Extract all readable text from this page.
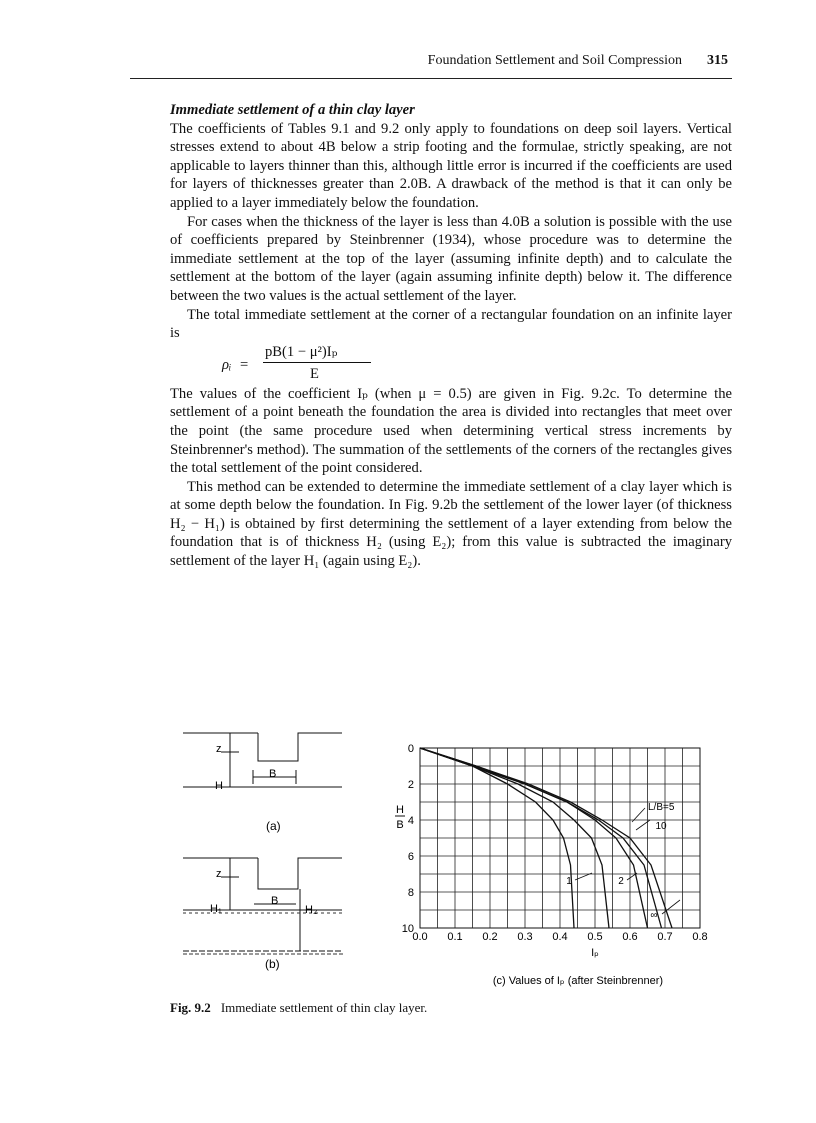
Foundation Settlement and Soil Compression 315

Immediate settlement of a thin clay layer

The coefficients of Tables 9.1 and 9.2 only apply to foundations on deep soil layers. Vertical stresses extend to about 4B below a strip footing and the formulae, strictly speaking, are not applicable to layers thinner than this, although little error is incurred if the coefficients are used for layers of thicknesses greater than 2.0B. A drawback of the method is that it can only be applied to a layer immediately below the foundation.

For cases when the thickness of the layer is less than 4.0B a solution is possible with the use of coefficients prepared by Steinbrenner (1934), whose procedure was to determine the immediate settlement at the top of the layer (assuming infinite depth) and to calculate the settlement at the bottom of the layer (again assuming infinite depth) below it. The difference between the two values is the actual settlement of the layer.

The total immediate settlement at the corner of a rectangular foundation on an infinite layer is

ρᵢ =
pB(1 − μ²)Iₚ
E

The values of the coefficient Iₚ (when μ = 0.5) are given in Fig. 9.2c. To determine the settlement of a point beneath the foundation the area is divided into rectangles that meet over the point (the same procedure used when determining vertical stress increments by Steinbrenner's method). The summation of the settlements of the corners of the rectangles gives the total settlement of the point considered.

This method can be extended to determine the immediate settlement of a clay layer which is at some depth below the foundation. In Fig. 9.2b the settlement of the lower layer (of thickness H₂ − H₁) is obtained by first determining the settlement of a layer extending from below the foundation that is of thickness H₂ (using E₂); from this value is subtracted the imaginary settlement of the layer H₁ (again using E₂).

z
H
B
(a)
z
H₁	H₂
B
(b)
0.0 0.1 0.2 0.3 0.4 0.5 0.6 0.7 0.8
0
2
4
6
8
10
H
B
Iₚ
L/B=5
10
1	2
∞
(c) Values of Iₚ (after Steinbrenner)
Fig. 9.2 Immediate settlement of thin clay layer.
